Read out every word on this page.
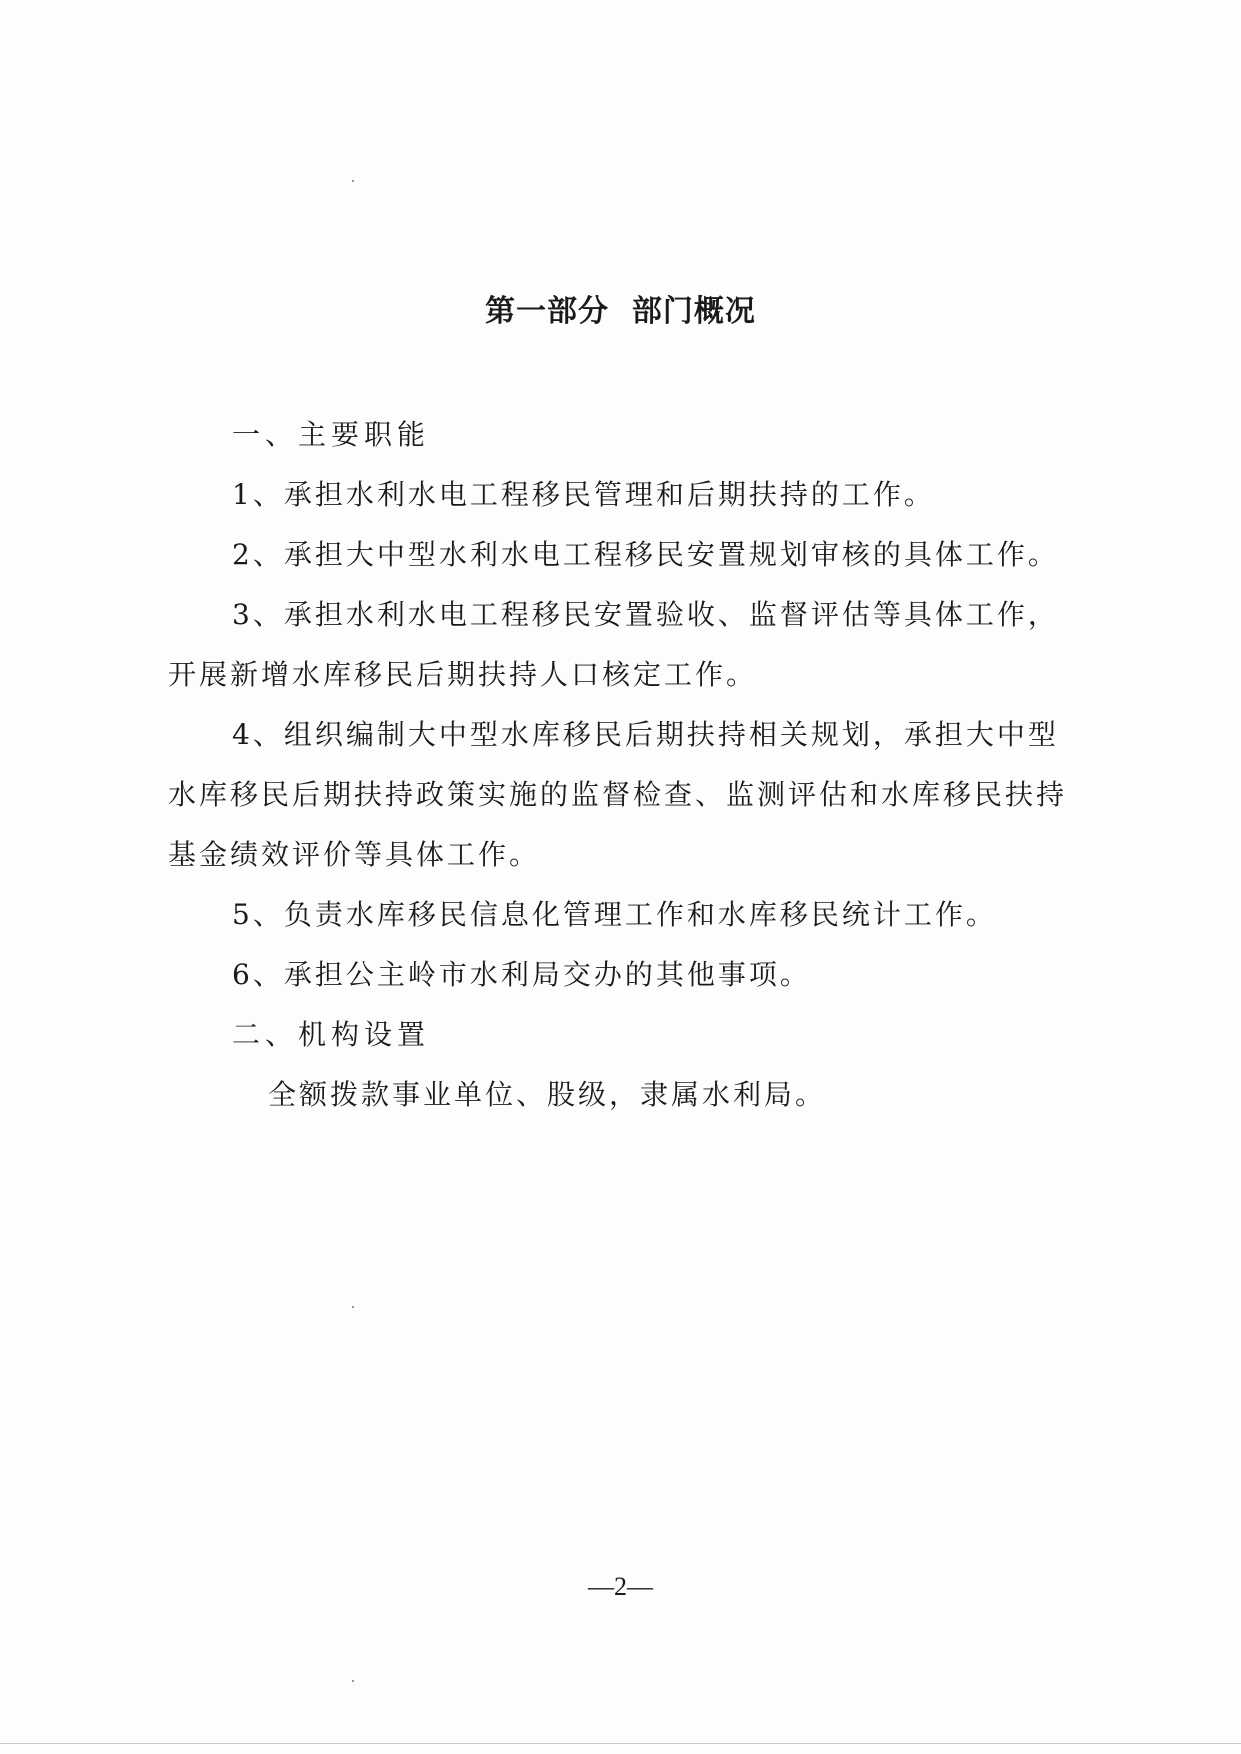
第一部分  部门概况

一、主要职能

1、承担水利水电工程移民管理和后期扶持的工作。

2、承担大中型水利水电工程移民安置规划审核的具体工作。

3、承担水利水电工程移民安置验收、监督评估等具体工作，开展新增水库移民后期扶持人口核定工作。

4、组织编制大中型水库移民后期扶持相关规划，承担大中型水库移民后期扶持政策实施的监督检查、监测评估和水库移民扶持基金绩效评价等具体工作。

5、负责水库移民信息化管理工作和水库移民统计工作。

6、承担公主岭市水利局交办的其他事项。

二、机构设置

全额拨款事业单位、股级，隶属水利局。

—2—
